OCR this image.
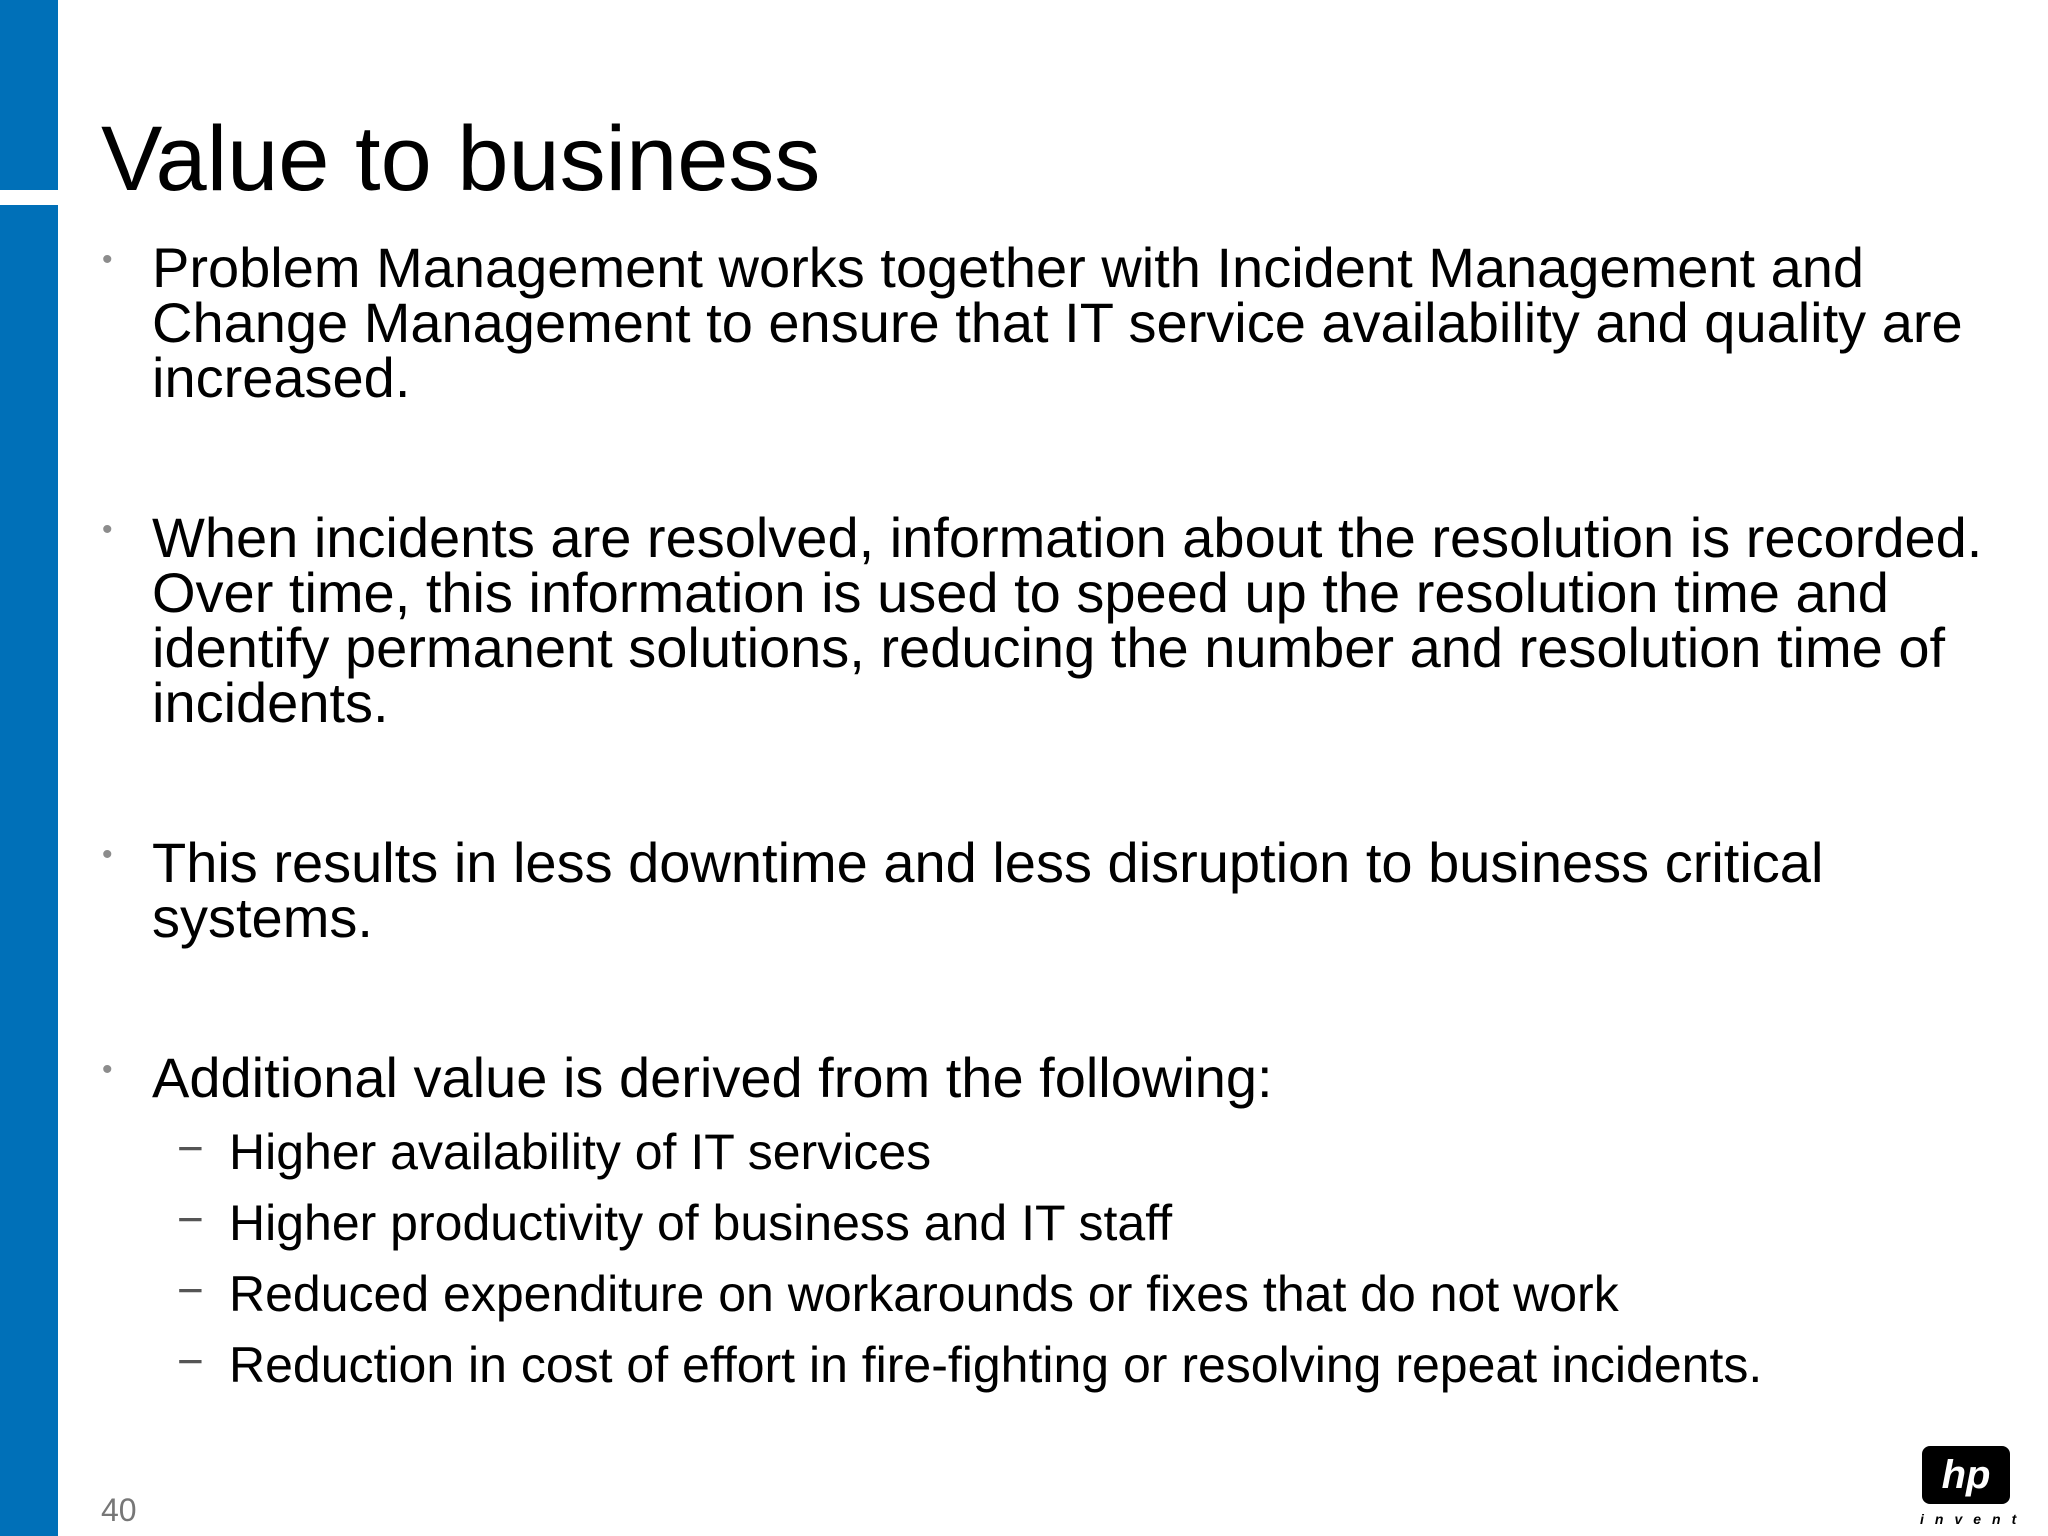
Value to business
• Problem Management works together with Incident Management and Change Management to ensure that IT service availability and quality are increased.
• When incidents are resolved, information about the resolution is recorded. Over time, this information is used to speed up the resolution time and identify permanent solutions, reducing the number and resolution time of incidents.
• This results in less downtime and less disruption to business critical systems.
• Additional value is derived from the following:
− Higher availability of IT services
− Higher productivity of business and IT staff
− Reduced expenditure on workarounds or fixes that do not work
− Reduction in cost of effort in fire-fighting or resolving repeat incidents.
40
hp
invent
